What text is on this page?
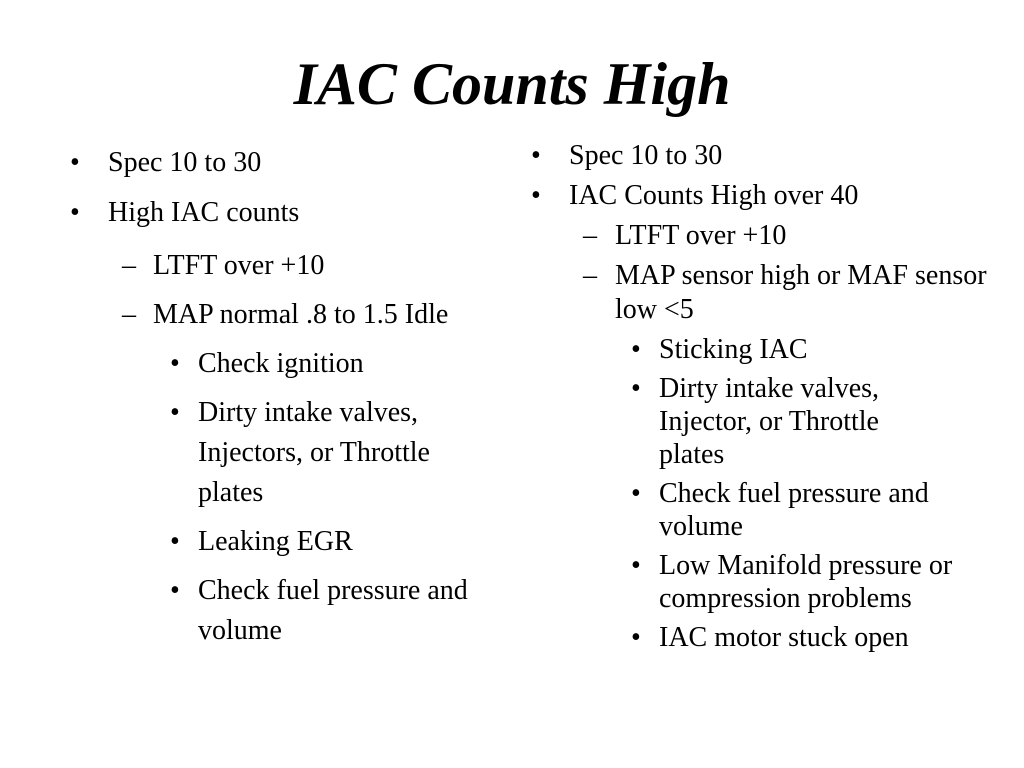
IAC Counts High
• Spec 10 to 30
• High IAC counts
– LTFT over +10
– MAP normal .8 to 1.5 Idle
• Check ignition
• Dirty intake valves, Injectors, or Throttle plates
• Leaking EGR
• Check fuel pressure and volume
• Spec 10 to 30
• IAC Counts High over 40
– LTFT over +10
– MAP sensor high or MAF sensor low <5
• Sticking IAC
• Dirty intake valves, Injector, or Throttle plates
• Check fuel pressure and volume
• Low Manifold pressure or compression problems
• IAC motor stuck open
